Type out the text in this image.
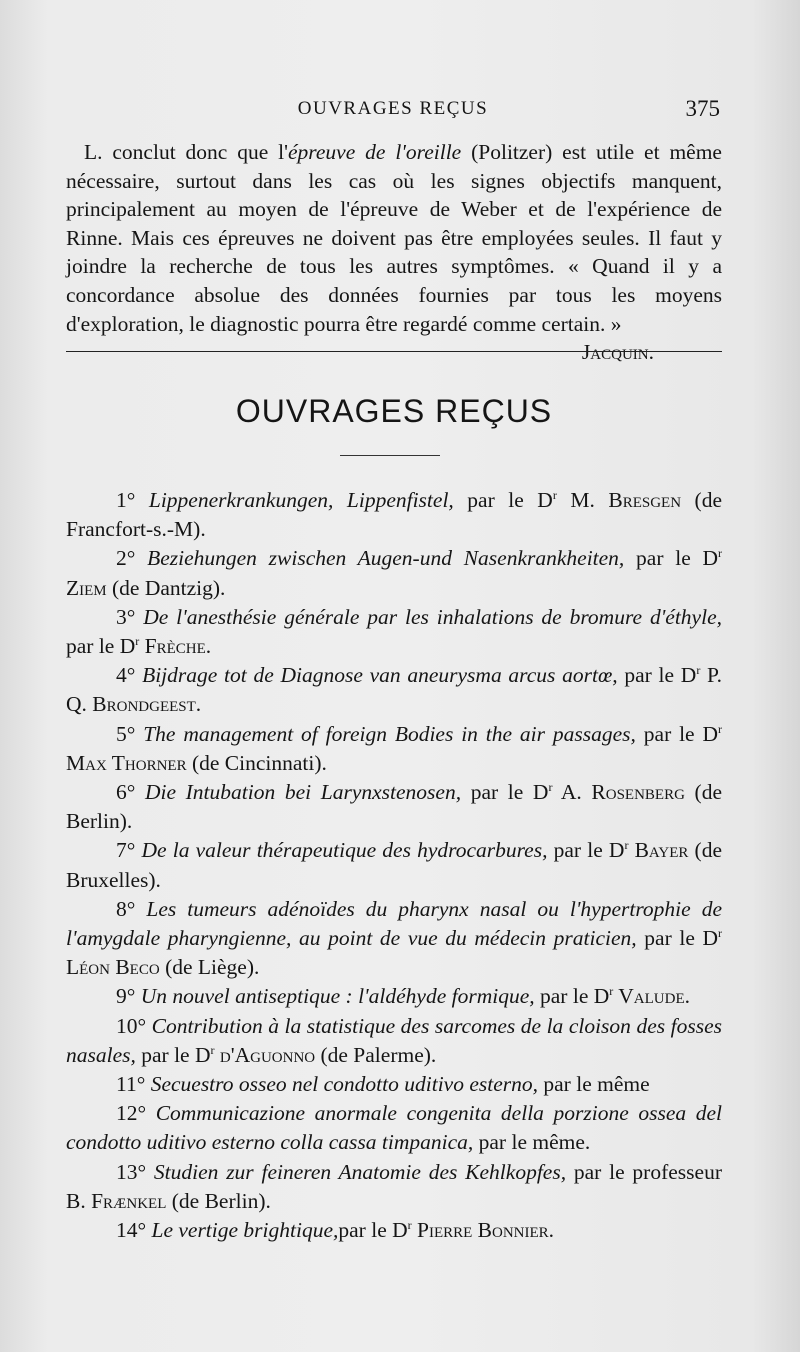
OUVRAGES REÇUS	375

L. conclut donc que l'épreuve de l'oreille (Politzer) est utile et même nécessaire, surtout dans les cas où les signes objectifs manquent, principalement au moyen de l'épreuve de Weber et de l'expérience de Rinne. Mais ces épreuves ne doivent pas être employées seules. Il faut y joindre la recherche de tous les autres symptômes. « Quand il y a concordance absolue des données fournies par tous les moyens d'exploration, le diagnostic pourra être regardé comme certain. »
Jacquin.

OUVRAGES REÇUS

1° Lippenerkrankungen, Lippenfistel, par le $D^r$ M. Bresgen (de Francfort-s.-M).

2° Beziehungen zwischen Augen-und Nasenkrankheiten, par le $D^r$ Ziem (de Dantzig).

3° De l'anesthésie générale par les inhalations de bromure d'éthyle, par le $D^r$ Frèche.

4° Bijdrage tot de Diagnose van aneurysma arcus aortœ, par le $D^r$ P. Q. Brondgeest.

5° The management of foreign Bodies in the air passages, par le $D^r$ Max Thorner (de Cincinnati).

6° Die Intubation bei Larynxstenosen, par le $D^r$ A. Rosenberg (de Berlin).

7° De la valeur thérapeutique des hydrocarbures, par le $D^r$ Bayer (de Bruxelles).

8° Les tumeurs adénoïdes du pharynx nasal ou l'hypertrophie de l'amygdale pharyngienne, au point de vue du médecin praticien, par le $D^r$ Léon Beco (de Liège).

9° Un nouvel antiseptique : l'aldéhyde formique, par le $D^r$ Valude.

10° Contribution à la statistique des sarcomes de la cloison des fosses nasales, par le $D^r$ d'Aguonno (de Palerme).

11° Secuestro osseo nel condotto uditivo esterno, par le même

12° Communicazione anormale congenita della porzione ossea del condotto uditivo esterno colla cassa timpanica, par le même.

13° Studien zur feineren Anatomie des Kehlkopfes, par le professeur B. Frænkel (de Berlin).

14° Le vertige brightique,par le $D^r$ Pierre Bonnier.
